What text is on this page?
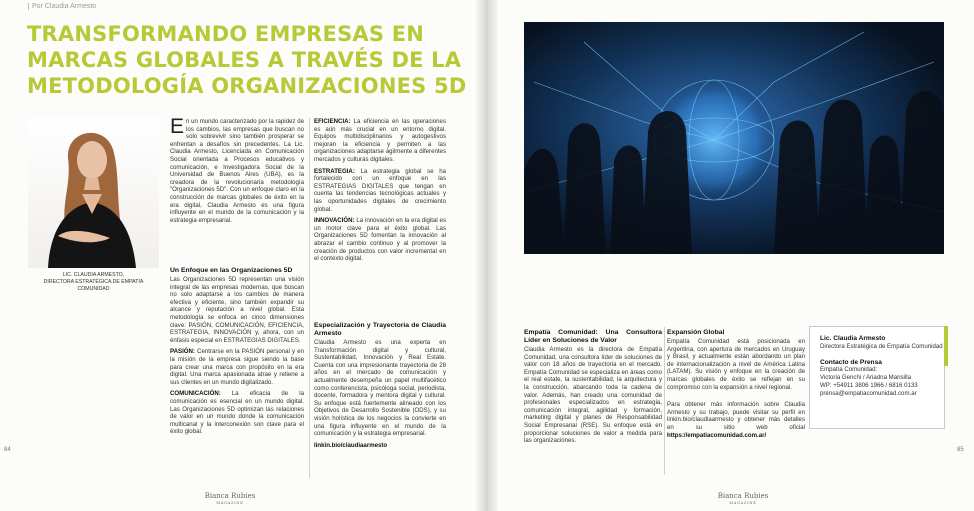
Por Claudia Armesto
TRANSFORMANDO EMPRESAS EN MARCAS GLOBALES A TRAVÉS DE LA METODOLOGÍA ORGANIZACIONES 5D
LIC. CLAUDIA ARMESTO,
DIRECTORA ESTRATÉGICA DE EMPATÍA COMUNIDAD

En un mundo caracterizado por la rapidez de los cambios, las empresas que buscan no solo sobrevivir sino también prosperar se enfrentan a desafíos sin precedentes. La Lic. Claudia Armesto, Licenciada en Comunicación Social orientada a Procesos educativos y comunicación, e Investigadora Social de la Universidad de Buenos Aires (UBA), es la creadora de la revolucionaria metodología "Organizaciones 5D". Con un enfoque claro en la construcción de marcas globales de éxito en la era digital, Claudia Armesto es una figura influyente en el mundo de la comunicación y la estrategia empresarial.

Un Enfoque en las Organizaciones 5D

Las Organizaciones 5D representan una visión integral de las empresas modernas, que buscan no solo adaptarse a los cambios de manera efectiva y eficiente, sino también expandir su alcance y reputación a nivel global. Esta metodología se enfoca en cinco dimensiones clave: PASIÓN, COMUNICACIÓN, EFICIENCIA, ESTRATEGIA, INNOVACIÓN y, ahora, con un énfasis especial en ESTRATEGIAS DIGITALES.

PASIÓN: Centrarse en la PASIÓN personal y en la misión de la empresa sigue siendo la base para crear una marca con propósito en la era digital. Una marca apasionada atrae y retiene a sus clientes en un mundo digitalizado.

COMUNICACIÓN: La eficacia de la comunicación es esencial en un mundo digital. Las Organizaciones 5D optimizan las relaciones de valor en un mundo donde la comunicación multicanal y la interconexión son clave para el éxito global.

EFICIENCIA: La eficiencia en las operaciones es aún más crucial en un entorno digital. Equipos multidisciplinarios y autogestivos mejoran la eficiencia y permiten a las organizaciones adaptarse ágilmente a diferentes mercados y culturas digitales.

ESTRATEGIA: La estrategia global se ha fortalecido con un enfoque en las ESTRATEGIAS DIGITALES que tengan en cuenta las tendencias tecnológicas actuales y las oportunidades digitales de crecimiento global.

INNOVACIÓN: La innovación en la era digital es un motor clave para el éxito global. Las Organizaciones 5D fomentan la innovación al abrazar el cambio continuo y al promover la creación de productos con valor incremental en el contexto digital.

Especialización y Trayectoria de Claudia Armesto

Claudia Armesto es una experta en Transformación digital y cultural, Sustentabilidad, Innovación y Real Estate. Cuenta con una impresionante trayectoria de 28 años en el mercado de comunicación y actualmente desempeña un papel multifacético como conferencista, psicóloga social, periodista, docente, formadora y mentora digital y cultural. Su enfoque está fuertemente alineado con los Objetivos de Desarrollo Sostenible (ODS), y su visión holística de los negocios la convierte en una figura influyente en el mundo de la comunicación y la estrategia empresarial.

linkin.bio/claudiaarmesto

Empatía Comunidad: Una Consultora Líder en Soluciones de Valor

Claudia Armesto es la directora de Empatía Comunidad, una consultora líder de soluciones de valor con 18 años de trayectoria en el mercado. Empatía Comunidad se especializa en áreas como el real estate, la sustentabilidad, la arquitectura y la construcción, abarcando toda la cadena de valor. Además, han creado una comunidad de profesionales especializados en estrategia, comunicación integral, agilidad y formación, marketing digital y planes de Responsabilidad Social Empresarial (RSE). Su enfoque está en proporcionar soluciones de valor a medida para las organizaciones.

Expansión Global

Empatía Comunidad está posicionada en Argentina, con apertura de mercados en Uruguay y Brasil, y actualmente están abordando un plan de internacionalización a nivel de América Latina (LATAM). Su visión y enfoque en la creación de marcas globales de éxito se reflejan en su compromiso con la expansión a nivel regional.

Para obtener más información sobre Claudia Armesto y su trabajo, puede visitar su perfil en linkin.bio/claudiaarmesto y obtener más detalles en su sitio web oficial https://empatiacomunidad.com.ar/

Lic. Claudia Armesto
Directora Estratégica de Empatía Comunidad
Contacto de Prensa
Empatía Comunidad:
Victoria Genchi / Ariadna Mansilla
WP: +54911 3806 1966 / 6816 0133
prensa@empatiacomunidad.com.ar
84	85
Bianca Rubies
MAGAZINE
Bianca Rubies
MAGAZINE
